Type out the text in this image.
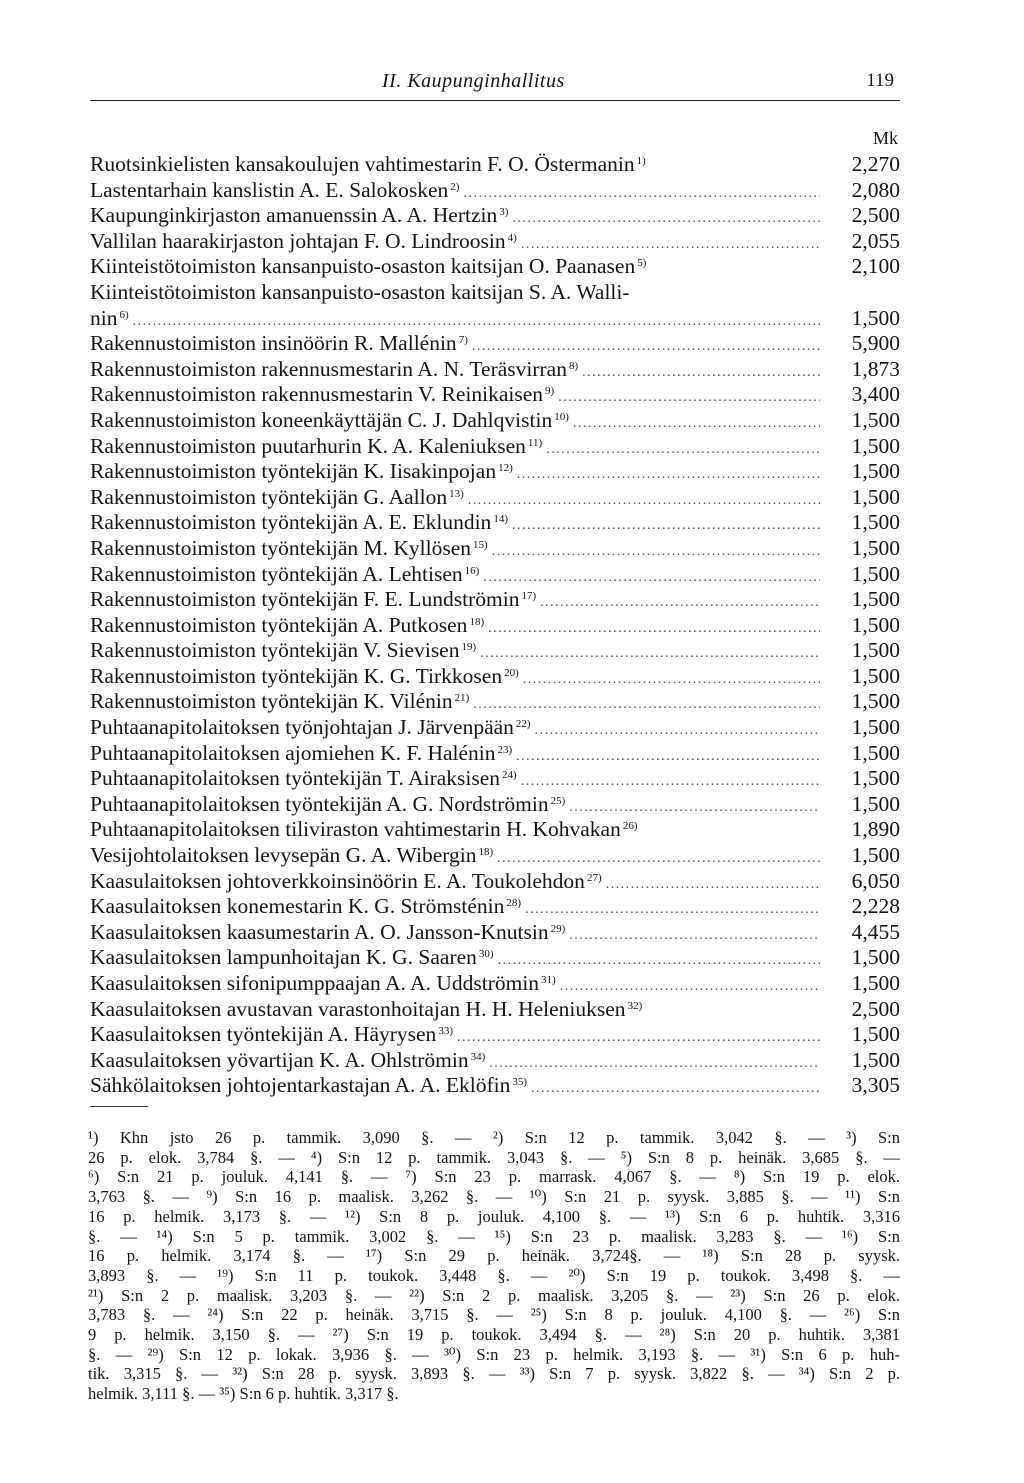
II. Kaupunginhallitus	119
Mk
Ruotsinkielisten kansakoulujen vahtimestarin F. O. Östermanin $^{1)}$	2,270
Lastentarhain kanslistin A. E. Salokosken $^{2)}$ .....	2,080
Kaupunginkirjaston amanuenssin A. A. Hertzin $^{3)}$ .....	2,500
Vallilan haarakirjaston johtajan F. O. Lindroosin $^{4)}$ .....	2,055
Kiinteistötoimiston kansanpuisto-osaston kaitsijan O. Paanasen $^{5)}$	2,100
Kiinteistötoimiston kansanpuisto-osaston kaitsijan S. A. Walli-
nin $^{6)}$ .....	1,500
Rakennustoimiston insinöörin R. Mallénin $^{7)}$ .....	5,900
Rakennustoimiston rakennusmestarin A. N. Teräsvirran $^{8)}$ .....	1,873
Rakennustoimiston rakennusmestarin V. Reinikaisen $^{9)}$ .....	3,400
Rakennustoimiston koneenkäyttäjän C. J. Dahlqvistin $^{10)}$ .....	1,500
Rakennustoimiston puutarhurin K. A. Kaleniuksen $^{11)}$ .....	1,500
Rakennustoimiston työntekijän K. Iisakinpojan $^{12)}$ .....	1,500
Rakennustoimiston työntekijän G. Aallon $^{13)}$ .....	1,500
Rakennustoimiston työntekijän A. E. Eklundin $^{14)}$ .....	1,500
Rakennustoimiston työntekijän M. Kyllösen $^{15)}$ .....	1,500
Rakennustoimiston työntekijän A. Lehtisen $^{16)}$ .....	1,500
Rakennustoimiston työntekijän F. E. Lundströmin $^{17)}$ .....	1,500
Rakennustoimiston työntekijän A. Putkosen $^{18)}$ .....	1,500
Rakennustoimiston työntekijän V. Sievisen $^{19)}$ .....	1,500
Rakennustoimiston työntekijän K. G. Tirkkosen $^{20)}$ .....	1,500
Rakennustoimiston työntekijän K. Vilénin $^{21)}$ .....	1,500
Puhtaanapitolaitoksen työnjohtajan J. Järvenpään $^{22)}$ .....	1,500
Puhtaanapitolaitoksen ajomiehen K. F. Halénin $^{23)}$ .....	1,500
Puhtaanapitolaitoksen työntekijän T. Airaksisen $^{24)}$ .....	1,500
Puhtaanapitolaitoksen työntekijän A. G. Nordströmin $^{25)}$ .....	1,500
Puhtaanapitolaitoksen tiliviraston vahtimestarin H. Kohvakan $^{26)}$	1,890
Vesijohtolaitoksen levysepän G. A. Wibergin $^{18)}$ .....	1,500
Kaasulaitoksen johtoverkkoinsinöörin E. A. Toukolehdon $^{27)}$ .....	6,050
Kaasulaitoksen konemestarin K. G. Strömsténin $^{28)}$ .....	2,228
Kaasulaitoksen kaasumestarin A. O. Jansson-Knutsin $^{29)}$ .....	4,455
Kaasulaitoksen lampunhoitajan K. G. Saaren $^{30)}$ .....	1,500
Kaasulaitoksen sifonipumppaajan A. A. Uddströmin $^{31)}$ .....	1,500
Kaasulaitoksen avustavan varastonhoitajan H. H. Heleniuksen $^{32)}$	2,500
Kaasulaitoksen työntekijän A. Häyrysen $^{33)}$ .....	1,500
Kaasulaitoksen yövartijan K. A. Ohlströmin $^{34)}$ .....	1,500
Sähkölaitoksen johtojentarkastajan A. A. Eklöfin $^{35)}$ .....	3,305
¹) Khn jsto 26 p. tammik. 3,090 §. — ²) S:n 12 p. tammik. 3,042 §. — ³) S:n
26 p. elok. 3,784 §. — ⁴) S:n 12 p. tammik. 3,043 §. — ⁵) S:n 8 p. heinäk. 3,685 §. —
⁶) S:n 21 p. jouluk. 4,141 §. — ⁷) S:n 23 p. marrask. 4,067 §. — ⁸) S:n 19 p. elok.
3,763 §. — ⁹) S:n 16 p. maalisk. 3,262 §. — ¹⁰) S:n 21 p. syysk. 3,885 §. — ¹¹) S:n
16 p. helmik. 3,173 §. — ¹²) S:n 8 p. jouluk. 4,100 §. — ¹³) S:n 6 p. huhtik. 3,316
§. — ¹⁴) S:n 5 p. tammik. 3,002 §. — ¹⁵) S:n 23 p. maalisk. 3,283 §. — ¹⁶) S:n
16 p. helmik. 3,174 §. — ¹⁷) S:n 29 p. heinäk. 3,724§. — ¹⁸) S:n 28 p. syysk.
3,893 §. — ¹⁹) S:n 11 p. toukok. 3,448 §. — ²⁰) S:n 19 p. toukok. 3,498 §. —
²¹) S:n 2 p. maalisk. 3,203 §. — ²²) S:n 2 p. maalisk. 3,205 §. — ²³) S:n 26 p. elok.
3,783 §. — ²⁴) S:n 22 p. heinäk. 3,715 §. — ²⁵) S:n 8 p. jouluk. 4,100 §. — ²⁶) S:n
9 p. helmik. 3,150 §. — ²⁷) S:n 19 p. toukok. 3,494 §. — ²⁸) S:n 20 p. huhtik. 3,381
§. — ²⁹) S:n 12 p. lokak. 3,936 §. — ³⁰) S:n 23 p. helmik. 3,193 §. — ³¹) S:n 6 p. huh-
tik. 3,315 §. — ³²) S:n 28 p. syysk. 3,893 §. — ³³) S:n 7 p. syysk. 3,822 §. — ³⁴) S:n 2 p.
helmik. 3,111 §. — ³⁵) S:n 6 p. huhtik. 3,317 §.
